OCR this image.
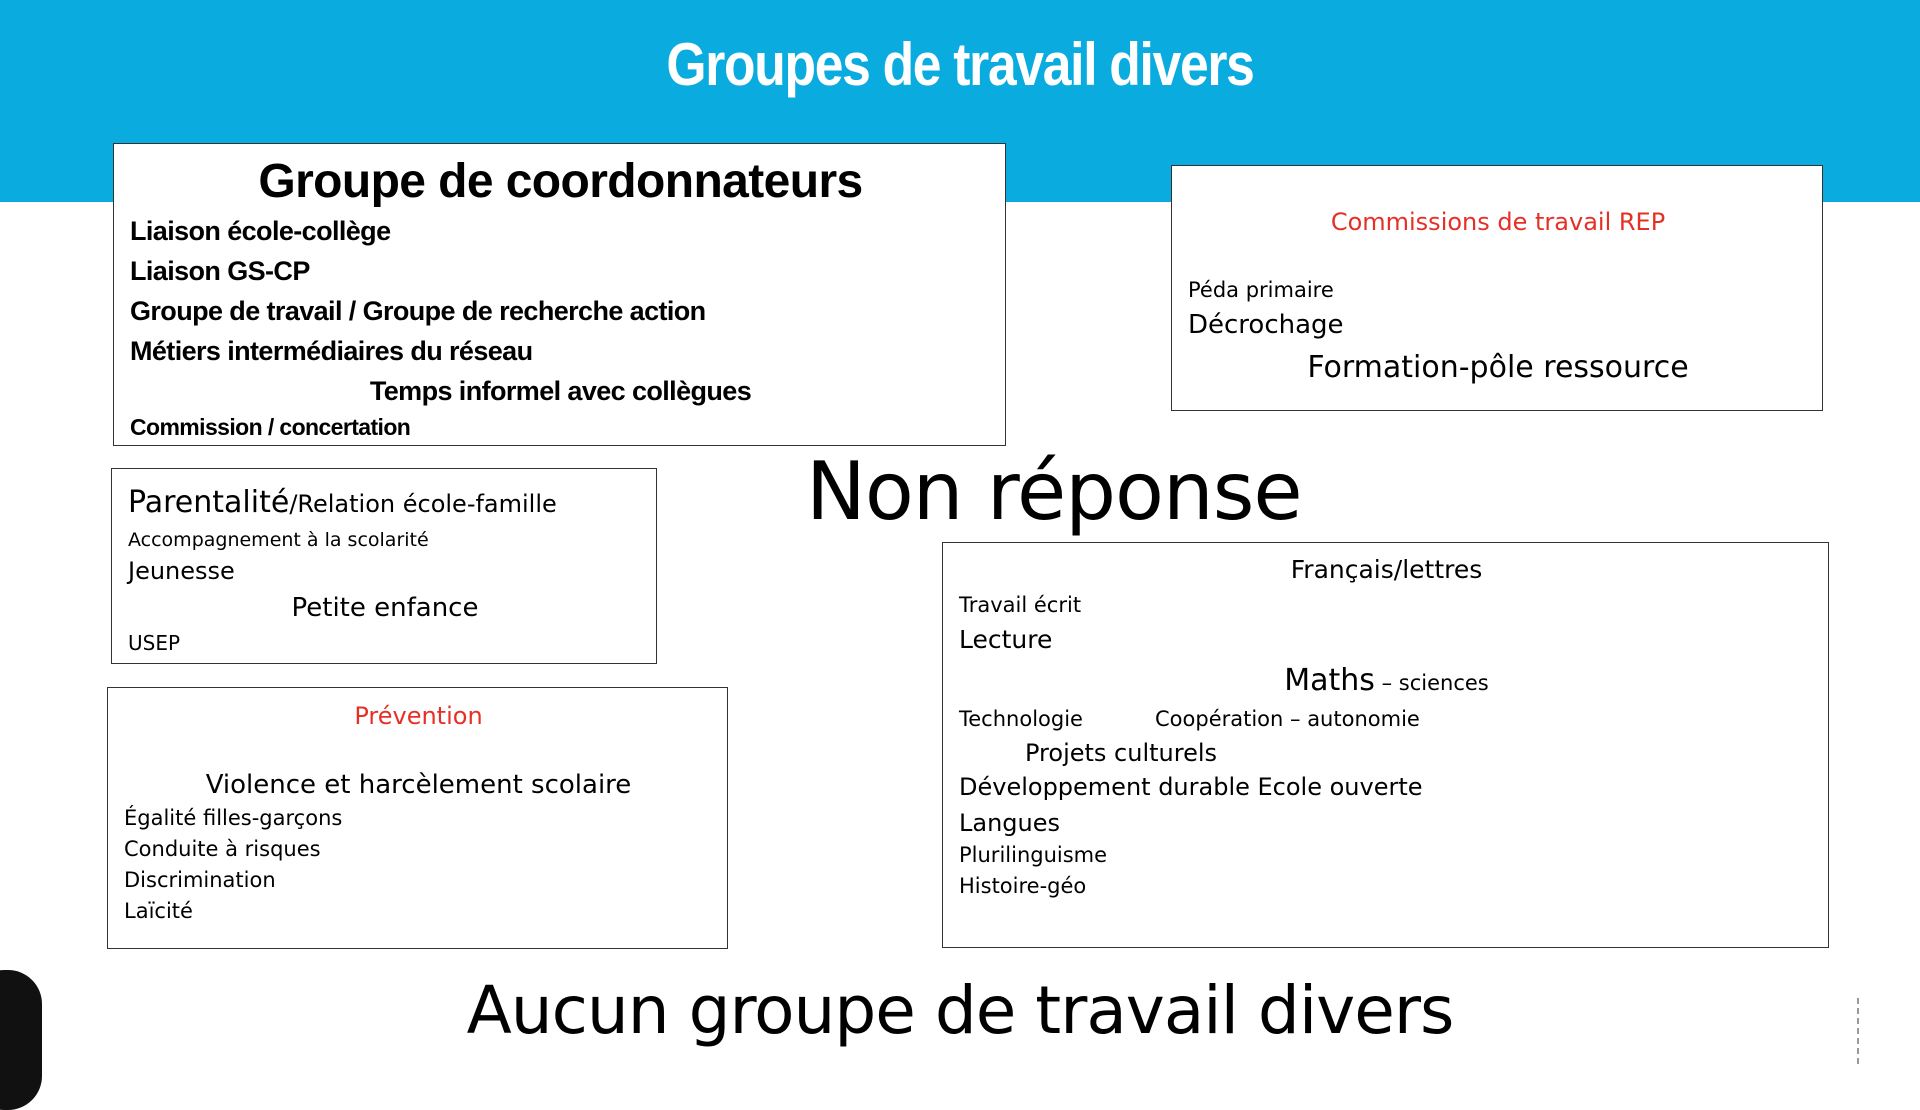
Groupes de travail divers
Groupe de coordonnateurs
Liaison école-collège
Liaison GS-CP
Groupe de travail / Groupe de recherche action
Métiers intermédiaires du réseau
Temps informel avec collègues
Commission / concertation
Commissions de travail REP
Péda primaire
Décrochage
Formation-pôle ressource
Parentalité/Relation école-famille
Accompagnement à la scolarité
Jeunesse
Petite enfance
USEP
Prévention
Violence et harcèlement scolaire
Égalité filles-garçons
Conduite à risques
Discrimination
Laïcité
Non réponse
Français/lettres
Travail écrit
Lecture
Maths – sciences
Technologie	Coopération – autonomie
Projets culturels
Développement durable Ecole ouverte
Langues
Plurilinguisme
Histoire-géo
Aucun groupe de travail divers
